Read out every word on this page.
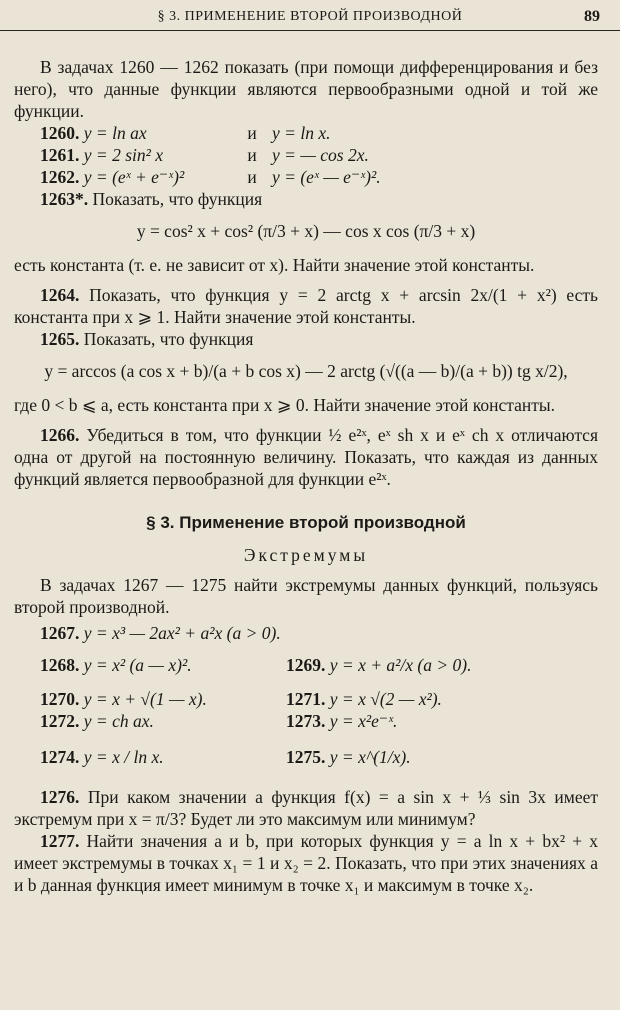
§ 3. ПРИМЕНЕНИЕ ВТОРОЙ ПРОИЗВОДНОЙ	89

В задачах 1260 — 1262 показать (при помощи дифференцирования и без него), что данные функции являются первообразными одной и той же функции.

1260. y = ln ax	и y = ln x.
1261. y = 2 sin² x	и y = — cos 2x.
1262. y = (eˣ + e⁻ˣ)²	и y = (eˣ — e⁻ˣ)².

1263*. Показать, что функция

y = cos² x + cos² (π/3 + x) — cos x cos (π/3 + x)

есть константа (т. е. не зависит от x). Найти значение этой константы.

1264. Показать, что функция y = 2 arctg x + arcsin 2x/(1 + x²) есть константа при x ⩾ 1. Найти значение этой константы.

1265. Показать, что функция

y = arccos (a cos x + b)/(a + b cos x) — 2 arctg (√((a — b)/(a + b)) tg x/2),

где 0 < b ⩽ a, есть константа при x ⩾ 0. Найти значение этой константы.

1266. Убедиться в том, что функции ½ e²ˣ, eˣ sh x и eˣ ch x отличаются одна от другой на постоянную величину. Показать, что каждая из данных функций является первообразной для функции e²ˣ.

§ 3. Применение второй производной
Экстремумы

В задачах 1267 — 1275 найти экстремумы данных функций, пользуясь второй производной.

1267.
y = x³ — 2ax² + a²x (a > 0).
1268. y = x² (a — x)².	1269. y = x + a²/x (a > 0).
1270. y = x + √(1 — x).	1271. y = x √(2 — x²).
1272. y = ch ax.	1273. y = x²e⁻ˣ.
1274. y = x / ln x.	1275. y = x^(1/x).

1276. При каком значении a функция f(x) = a sin x + ⅓ sin 3x имеет экстремум при x = π/3? Будет ли это максимум или минимум?

1277. Найти значения a и b, при которых функция y = a ln x + bx² + x имеет экстремумы в точках x₁ = 1 и x₂ = 2. Показать, что при этих значениях a и b данная функция имеет минимум в точке x₁ и максимум в точке x₂.
